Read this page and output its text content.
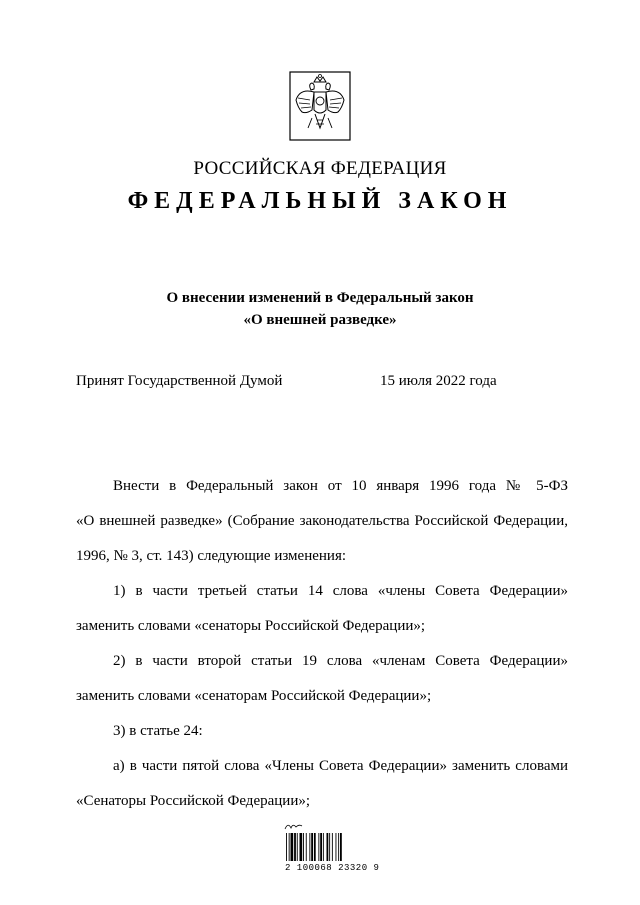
РОССИЙСКАЯ ФЕДЕРАЦИЯ
ФЕДЕРАЛЬНЫЙ ЗАКОН
О внесении изменений в Федеральный закон
«О внешней разведке»
Принят Государственной Думой	15 июля 2022 года
Внести в Федеральный закон от 10 января 1996 года № 5-ФЗ
«О внешней разведке» (Собрание законодательства Российской Федерации,
1996, № 3, ст. 143) следующие изменения:
1) в части третьей статьи 14 слова «члены Совета Федерации»
заменить словами «сенаторы Российской Федерации»;
2) в части второй статьи 19 слова «членам Совета Федерации»
заменить словами «сенаторам Российской Федерации»;
3) в статье 24:
а) в части пятой слова «Члены Совета Федерации» заменить словами
«Сенаторы Российской Федерации»;
2 100068 23320 9
